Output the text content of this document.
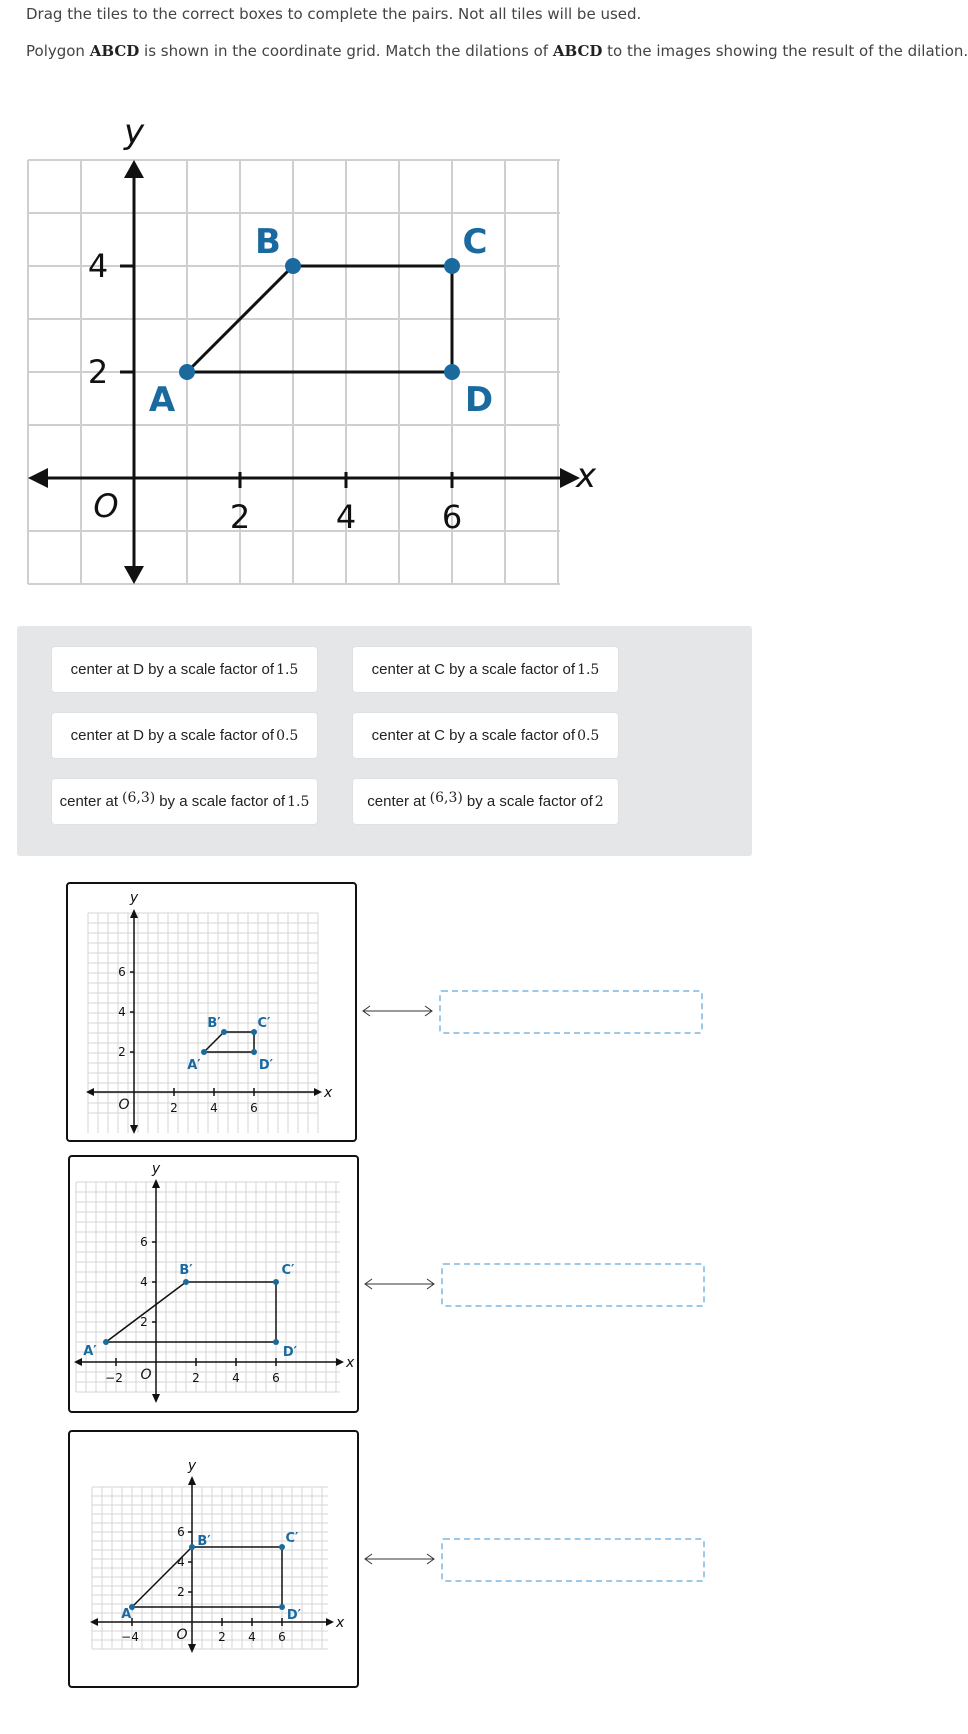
Drag the tiles to the correct boxes to complete the pairs. Not all tiles will be used.
Polygon ABCD is shown in the coordinate grid. Match the dilations of ABCD to the images showing the result of the dilation.
y
x
O	2	4	6
2
4
A
B	C
D
center at D by a scale factor of 1.5	center at C by a scale factor of 1.5
center at D by a scale factor of 0.5	center at C by a scale factor of 0.5
center at (6,3) by a scale factor of 1.5	center at (6,3) by a scale factor of 2
y
x
O	2	4	6
2
4
6
A′
B′	C′
D′
y
x
O
−2	2	4	6
2
4
6
A′
B′	C′
D′
y
x
O
−4	2 4 6
2
4
6
A′
B′	C′
D′
